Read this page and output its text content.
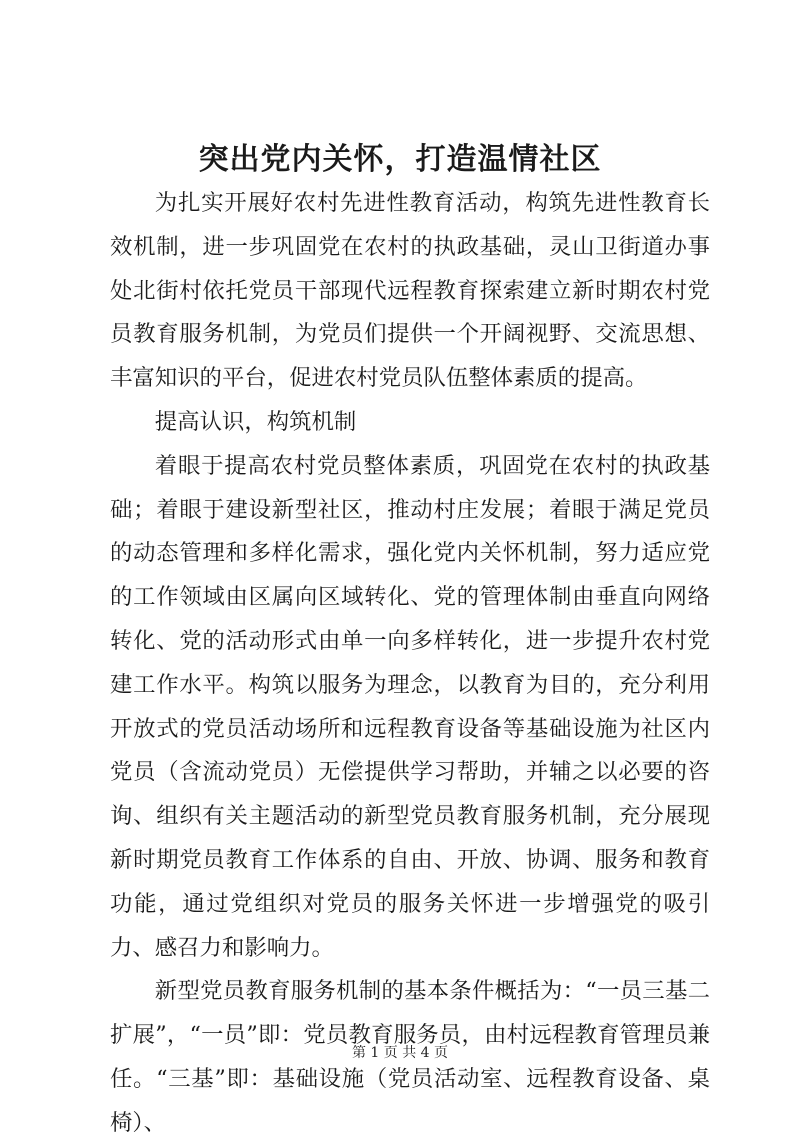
突出党内关怀，打造温情社区

为扎实开展好农村先进性教育活动，构筑先进性教育长效机制，进一步巩固党在农村的执政基础，灵山卫街道办事处北街村依托党员干部现代远程教育探索建立新时期农村党员教育服务机制，为党员们提供一个开阔视野、交流思想、丰富知识的平台，促进农村党员队伍整体素质的提高。

提高认识，构筑机制

着眼于提高农村党员整体素质，巩固党在农村的执政基础；着眼于建设新型社区，推动村庄发展；着眼于满足党员的动态管理和多样化需求，强化党内关怀机制，努力适应党的工作领域由区属向区域转化、党的管理体制由垂直向网络转化、党的活动形式由单一向多样转化，进一步提升农村党建工作水平。构筑以服务为理念，以教育为目的，充分利用开放式的党员活动场所和远程教育设备等基础设施为社区内党员（含流动党员）无偿提供学习帮助，并辅之以必要的咨询、组织有关主题活动的新型党员教育服务机制，充分展现新时期党员教育工作体系的自由、开放、协调、服务和教育功能，通过党组织对党员的服务关怀进一步增强党的吸引力、感召力和影响力。

新型党员教育服务机制的基本条件概括为：“一员三基二扩展”，“一员”即：党员教育服务员，由村远程教育管理员兼任。“三基”即：基础设施（党员活动室、远程教育设备、桌椅）、

第 1 页 共 4 页
